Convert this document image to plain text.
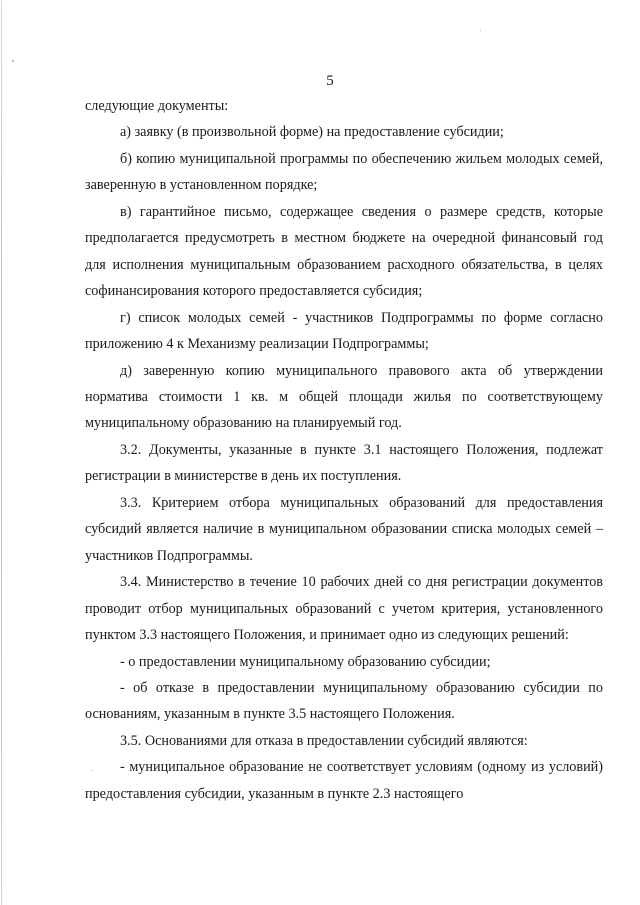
5

следующие документы:

а) заявку (в произвольной форме) на предоставление субсидии;

б) копию муниципальной программы по обеспечению жильем молодых семей, заверенную в установленном порядке;

в) гарантийное письмо, содержащее сведения о размере средств, которые предполагается предусмотреть в местном бюджете на очередной финансовый год для исполнения муниципальным образованием расходного обязательства, в целях софинансирования которого предоставляется субсидия;

г) список молодых семей - участников Подпрограммы по форме согласно приложению 4 к Механизму реализации Подпрограммы;

д) заверенную копию муниципального правового акта об утверждении норматива стоимости 1 кв. м общей площади жилья по соответствующему муниципальному образованию на планируемый год.

3.2. Документы, указанные в пункте 3.1 настоящего Положения, подлежат регистрации в министерстве в день их поступления.

3.3. Критерием отбора муниципальных образований для предоставления субсидий является наличие в муниципальном образовании списка молодых семей – участников Подпрограммы.

3.4. Министерство в течение 10 рабочих дней со дня регистрации документов проводит отбор муниципальных образований с учетом критерия, установленного пунктом 3.3 настоящего Положения, и принимает одно из следующих решений:

- о предоставлении муниципальному образованию субсидии;

- об отказе в предоставлении муниципальному образованию субсидии по основаниям, указанным в пункте 3.5 настоящего Положения.

3.5. Основаниями для отказа в предоставлении субсидий являются:

- муниципальное образование не соответствует условиям (одному из условий) предоставления субсидии, указанным в пункте 2.3 настоящего
